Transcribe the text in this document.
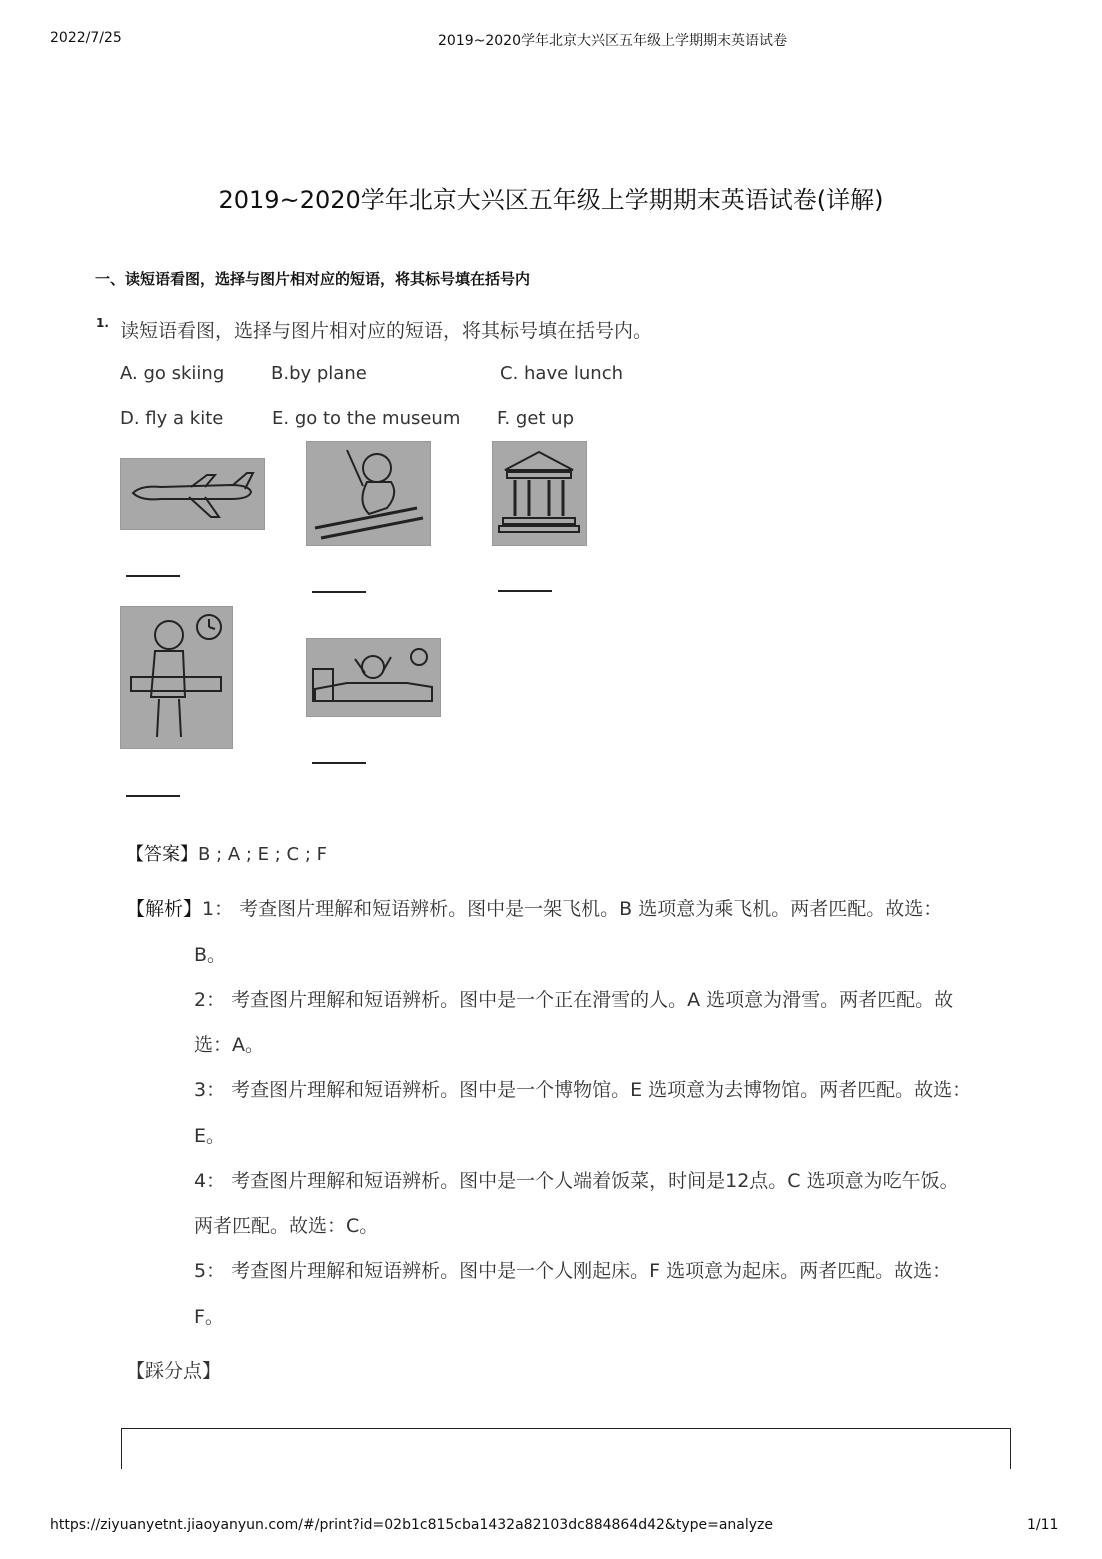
2022/7/25	2019~2020学年北京大兴区五年级上学期期末英语试卷
2019~2020学年北京大兴区五年级上学期期末英语试卷(详解)
一、读短语看图，选择与图片相对应的短语，将其标号填在括号内
1. 读短语看图，选择与图片相对应的短语，将其标号填在括号内。
A. go skiing	B.by plane	C. have lunch
D. fly a kite	E. go to the museum F. get up
【答案】B ; A ; E ; C ; F
【解析】1： 考查图片理解和短语辨析。图中是一架飞机。B 选项意为乘飞机。两者匹配。故选：
B。
2： 考查图片理解和短语辨析。图中是一个正在滑雪的人。A 选项意为滑雪。两者匹配。故
选：A。
3： 考查图片理解和短语辨析。图中是一个博物馆。E 选项意为去博物馆。两者匹配。故选：
E。
4： 考查图片理解和短语辨析。图中是一个人端着饭菜，时间是12点。C 选项意为吃午饭。
两者匹配。故选：C。
5： 考查图片理解和短语辨析。图中是一个人刚起床。F 选项意为起床。两者匹配。故选：
F。
【踩分点】
https://ziyuanyetnt.jiaoyanyun.com/#/print?id=02b1c815cba1432a82103dc884864d42&type=analyze	1/11
